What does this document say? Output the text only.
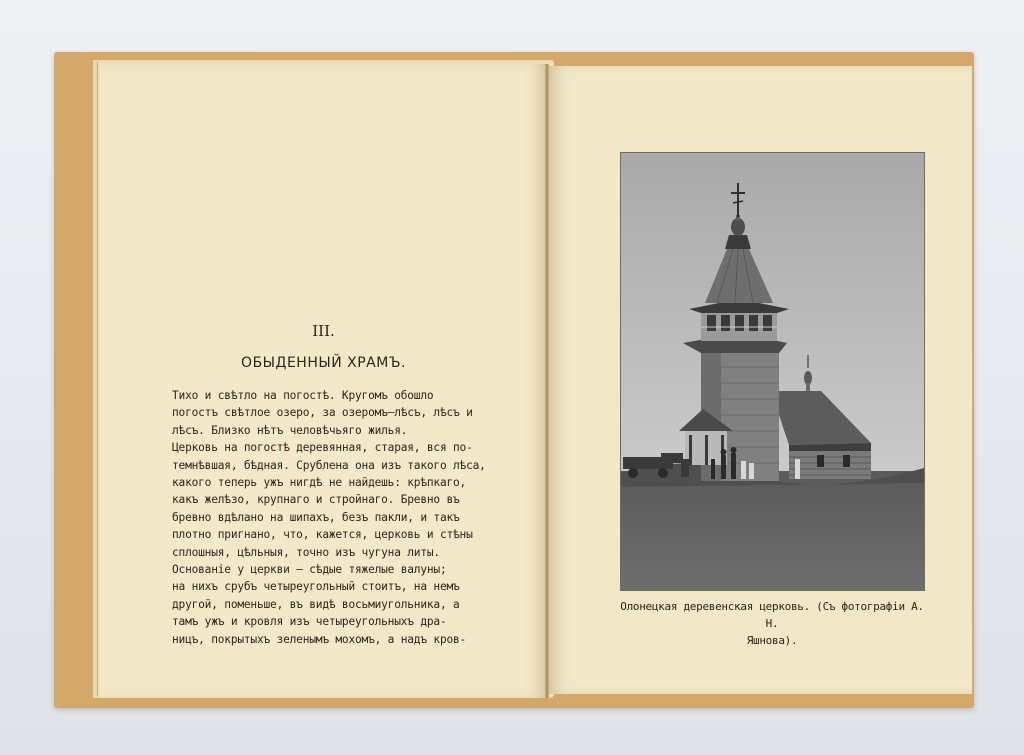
III.
ОБЫДЕННЫЙ ХРАМЪ.
Тихо и свѣтло на погостѣ. Кругомъ обошло
погостъ свѣтлое озеро, за озеромъ—лѣсъ, лѣсъ и
лѣсъ. Близко нѣтъ человѣчьяго жилья.
Церковь на погостѣ деревянная, старая, вся по-
темнѣвшая, бѣдная. Срублена она изъ такого лѣса,
какого теперь ужъ нигдѣ не найдешь: крѣпкаго,
какъ желѣзо, крупнаго и стройнаго. Бревно въ
бревно вдѣлано на шипахъ, безъ пакли, и такъ
плотно пригнано, что, кажется, церковь и стѣны
сплошныя, цѣльныя, точно изъ чугуна литы.
Основаніе у церкви — сѣдые тяжелые валуны;
на нихъ срубъ четыреугольный стоитъ, на немъ
другой, поменьше, въ видѣ восьмиугольника, а
тамъ ужъ и кровля изъ четыреугольныхъ дра-
ницъ, покрытыхъ зеленымъ мохомъ, а надъ кров-
Олонецкая деревенская церковь. (Съ фотографіи А. Н.
Яшнова).
